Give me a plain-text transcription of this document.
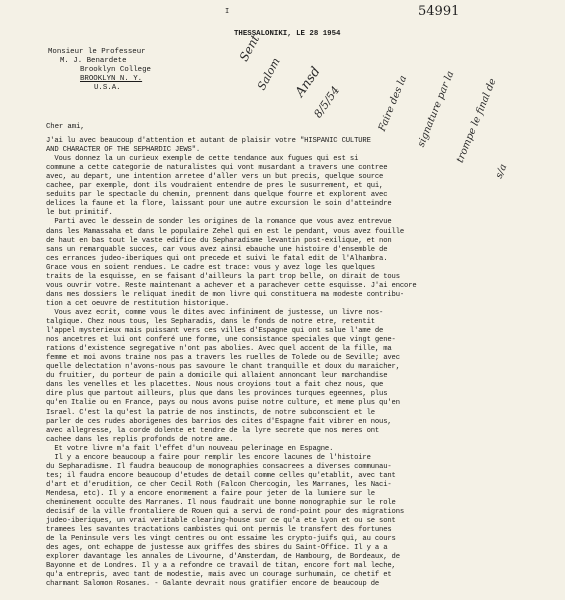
I
THESSALONIKI, LE 28 1954
54991
Monsieur le Professeur
M. J. Benardete
Brooklyn College
BROOKLYN N. Y.
U.S.A.

Sent

Salom

Ansd

8/5/54

	Faire des la

signature par la

trompe le final de

s/a

Cher ami,
J'ai lu avec beaucoup d'attention et autant de plaisir votre "HISPANIC CULTURE
AND CHARACTER OF THE SEPHARDIC JEWS".
Vous donnez la un curieux exemple de cette tendance aux fugues qui est si
commune a cette categorie de naturalistes qui vont musardant a travers une contree
avec, au depart, une intention arretee d'aller vers un but precis, quelque source
cachee, par exemple, dont ils voudraient entendre de pres le susurrement, et qui,
seduits par le spectacle du chemin, prennent dans quelque fourre et explorent avec
delices la faune et la flore, laissant pour une autre excursion le soin d'atteindre
le but primitif.
Parti avec le dessein de sonder les origines de la romance que vous avez entrevue
dans les Mamassaha et dans le populaire Zehel qui en est le pendant, vous avez fouille
de haut en bas tout le vaste edifice du Sepharadisme levantin post-exilique, et non
sans un remarquable succes, car vous avez ainsi ebauche une histoire d'ensemble de
ces errances judeo-iberiques qui ont precede et suivi le fatal edit de l'Alhambra.
Grace vous en soient rendues. Le cadre est trace: vous y avez loge les quelques
traits de la esquisse, en se faisant d'ailleurs la part trop belle, on dirait de tous
vous ouvrir votre. Reste maintenant a achever et a parachever cette esquisse. J'ai encore
dans mes dossiers le reliquat inedit de mon livre qui constituera ma modeste contribu-
tion a cet oeuvre de restitution historique.
Vous avez ecrit, comme vous le dites avec infiniment de justesse, un livre nos-
talgique. Chez nous tous, les Sepharadis, dans le fonds de notre etre, retentit
l'appel mysterieux mais puissant vers ces villes d'Espagne qui ont salue l'ame de
nos ancetres et lui ont conferé une forme, une consistance speciales que vingt gene-
rations d'existence segregative n'ont pas abolies. Avec quel accent de la fille, ma
femme et moi avons traine nos pas a travers les ruelles de Tolede ou de Seville; avec
quelle delectation n'avons-nous pas savoure le chant tranquille et doux du maraicher,
du fruitier, du porteur de pain a domicile qui allaient annoncant leur marchandise
dans les venelles et les placettes. Nous nous croyions tout a fait chez nous, que
dire plus que partout ailleurs, plus que dans les provinces turques egeennes, plus
qu'en Italie ou en France, pays ou nous avons puise notre culture, et meme plus qu'en
Israel. C'est la qu'est la patrie de nos instincts, de notre subconscient et le
parler de ces rudes aborigenes des barrios des cites d'Espagne fait vibrer en nous,
avec allegresse, la corde dolente et tendre de la lyre secrete que nos meres ont
cachee dans les replis profonds de notre ame.
Et votre livre m'a fait l'effet d'un nouveau pelerinage en Espagne.
Il y a encore beaucoup a faire pour remplir les encore lacunes de l'histoire
du Sepharadisme. Il faudra beaucoup de monographies consacrees a diverses communau-
tes; il faudra encore beaucoup d'etudes de detail comme celles qu'etablit, avec tant
d'art et d'erudition, ce cher Cecil Roth (Falcon Chercogin, les Marranes, les Naci-
Mendesa, etc). Il y a encore enormement a faire pour jeter de la lumiere sur le
cheminement occulte des Marranes. Il nous faudrait une bonne monographie sur le role
decisif de la ville frontaliere de Rouen qui a servi de rond-point pour des migrations
judeo-iberiques, un vrai veritable clearing-house sur ce qu'a ete Lyon et ou se sont
tramees les savantes tractations cambistes qui ont permis le transfert des fortunes
de la Peninsule vers les vingt centres ou ont essaime les crypto-juifs qui, au cours
des ages, ont echappe de justesse aux griffes des sbires du Saint-Office. Il y a a
explorer davantage les annales de Livourne, d'Amsterdam, de Hambourg, de Bordeaux, de
Bayonne et de Londres. Il y a a refondre ce travail de titan, encore fort mal leche,
qu'a entrepris, avec tant de modestie, mais avec un courage surhumain, ce chetif et
charmant Salomon Rosanes. - Galante devrait nous gratifier encore de beaucoup de
